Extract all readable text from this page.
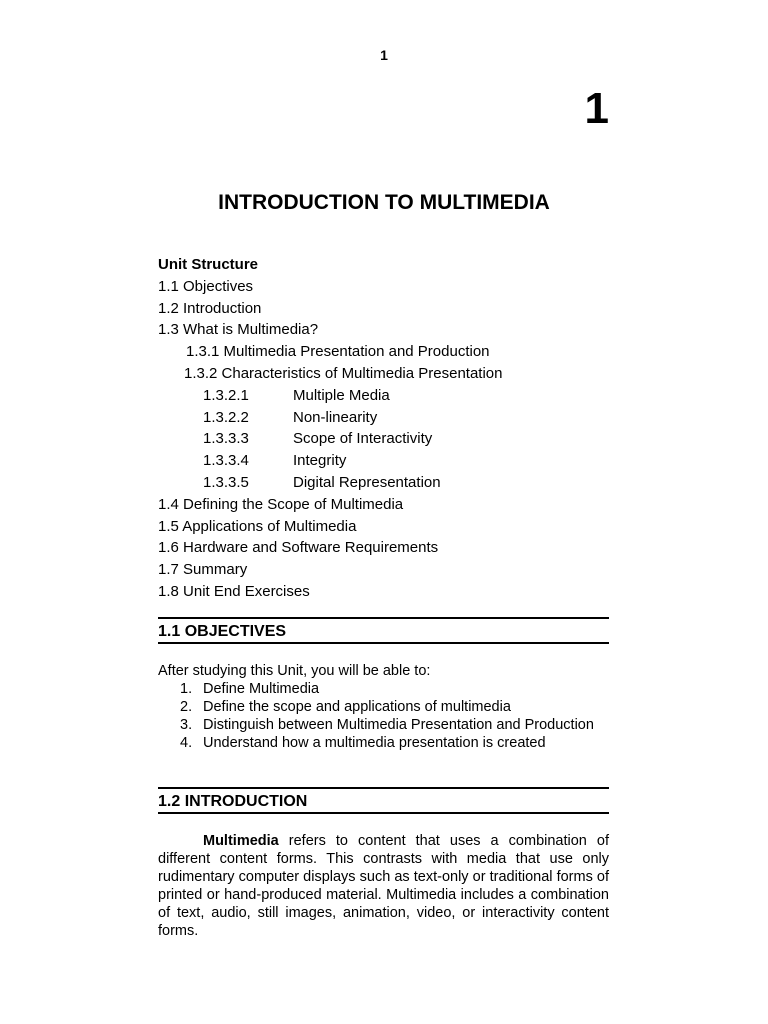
1
1
INTRODUCTION TO MULTIMEDIA
Unit Structure
1.1 Objectives
1.2 Introduction
1.3 What is Multimedia?
1.3.1 Multimedia Presentation and Production
1.3.2 Characteristics of Multimedia Presentation
1.3.2.1	Multiple Media
1.3.2.2	Non-linearity
1.3.3.3	Scope of Interactivity
1.3.3.4	Integrity
1.3.3.5	Digital Representation
1.4 Defining the Scope of Multimedia
1.5 Applications of Multimedia
1.6 Hardware and Software Requirements
1.7 Summary
1.8 Unit End Exercises
1.1 OBJECTIVES
After studying this Unit, you will be able to:
1. Define Multimedia
2. Define the scope and applications of multimedia
3. Distinguish between Multimedia Presentation and Production
4. Understand how a multimedia presentation is created
1.2 INTRODUCTION
Multimedia refers to content that uses a combination of different content forms. This contrasts with media that use only rudimentary computer displays such as text-only or traditional forms of printed or hand-produced material. Multimedia includes a combination of text, audio, still images, animation, video, or interactivity content forms.
